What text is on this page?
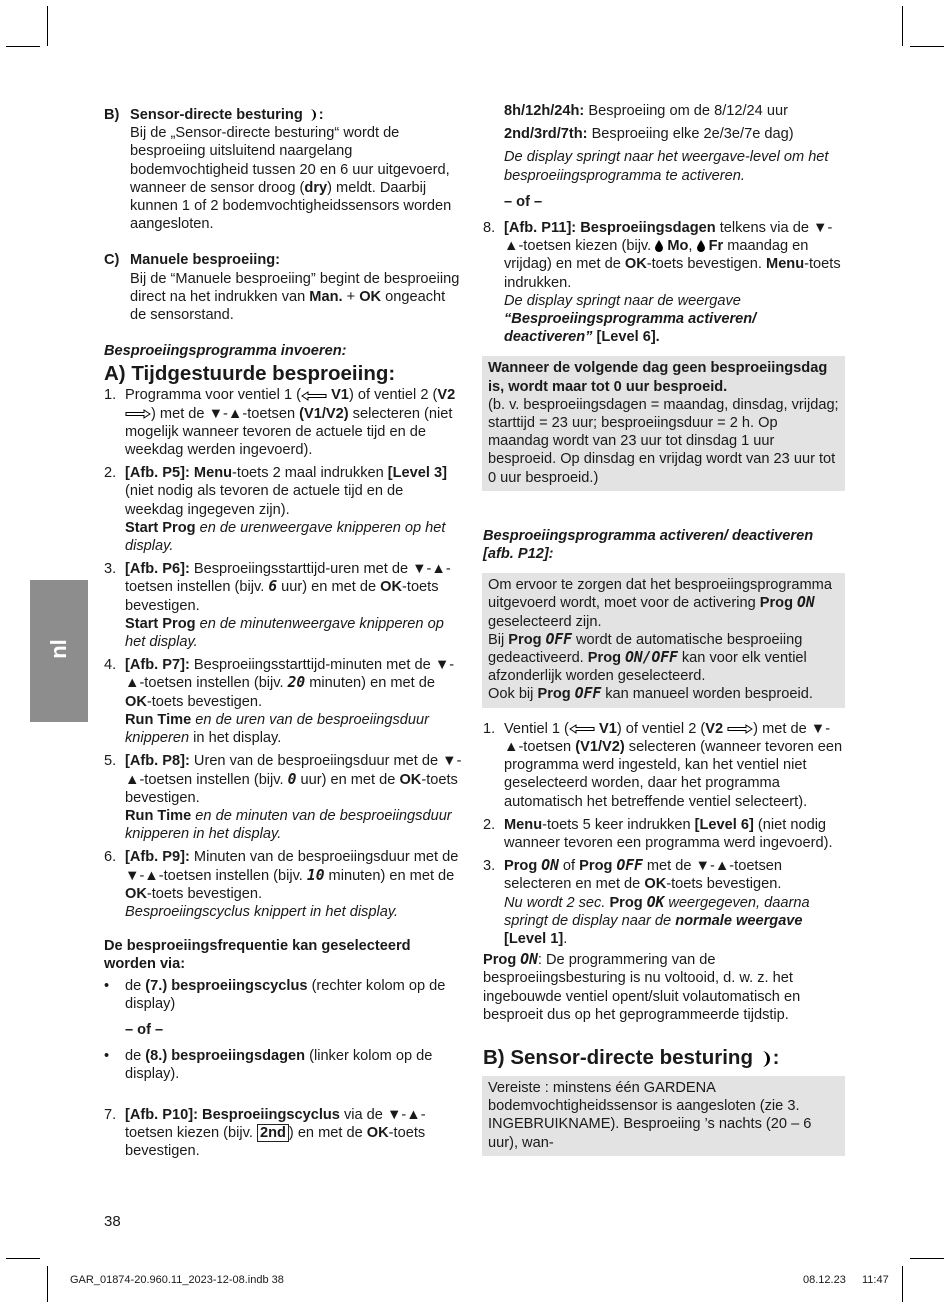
nl
B) Sensor-directe besturing :

Bij de „Sensor-directe besturing“ wordt de besproeiing uitsluitend naargelang bodemvochtigheid tussen 20 en 6 uur uitgevoerd, wanneer de sensor droog (dry) meldt. Daarbij kunnen 1 of 2 bodemvochtigheidssensors worden aangesloten.

C) Manuele besproeiing:

Bij de “Manuele besproeiing” begint de besproeiing direct na het indrukken van Man. + OK ongeacht de sensorstand.

Besproeiingsprogramma invoeren:

A) Tijdgestuurde besproeiing:

1. Programma voor ventiel 1 ( V1) of ventiel 2 (V2 ) met de ▼-▲-toetsen (V1/V2) selecteren (niet mogelijk wanneer tevoren de actuele tijd en de weekdag werden ingevoerd).
2. [Afb. P5]: Menu-toets 2 maal indrukken [Level 3] (niet nodig als tevoren de actuele tijd en de weekdag ingegeven zijn).
Start Prog en de urenweergave knipperen op het display.
3. [Afb. P6]: Besproeiingsstarttijd-uren met de ▼-▲-toetsen instellen (bijv. 6 uur) en met de OK-toets bevestigen.
Start Prog en de minutenweergave knipperen op het display.
4. [Afb. P7]: Besproeiingsstarttijd-minuten met de ▼-▲-toetsen instellen (bijv. 20 minuten) en met de OK-toets bevestigen.
Run Time en de uren van de besproeiingsduur knipperen in het display.
5. [Afb. P8]: Uren van de besproeiingsduur met de ▼-▲-toetsen instellen (bijv. 0 uur) en met de OK-toets bevestigen.
Run Time en de minuten van de besproeiingsduur knipperen in het display.
6. [Afb. P9]: Minuten van de besproeiingsduur met de ▼-▲-toetsen instellen (bijv. 10 minuten) en met de OK-toets bevestigen.
Besproeiingscyclus knippert in het display.

De besproeiingsfrequentie kan geselecteerd worden via:

•	de (7.) besproeiingscyclus (rechter kolom op de display)

– of –

•	de (8.) besproeiingsdagen (linker kolom op de display).
7. [Afb. P10]: Besproeiingscyclus via de ▼-▲-toetsen kiezen (bijv. 2nd ) en met de OK-toets bevestigen.

8h/12h/24h: Besproeiing om de 8/12/24 uur

2nd/3rd/7th: Besproeiing elke 2e/3e/7e dag)

De display springt naar het weergave-level om het besproeiingsprogramma te activeren.

– of –

8. [Afb. P11]: Besproeiingsdagen telkens via de ▼-▲-toetsen kiezen (bijv.  Mo,  Fr maandag en vrijdag) en met de OK-toets bevestigen. Menu-toets indrukken.
De display springt naar de weergave
“Besproeiingsprogramma activeren/ deactiveren” [Level 6].

Wanneer de volgende dag geen besproeiingsdag is, wordt maar tot 0 uur besproeid.

(b. v. besproeiingsdagen = maandag, dinsdag, vrijdag; starttijd = 23 uur; besproeiingsduur = 2 h. Op maandag wordt van 23 uur tot dinsdag 1 uur besproeid. Op dinsdag en vrijdag wordt van 23 uur tot 0 uur besproeid.)

Besproeiingsprogramma activeren/ deactiveren [afb. P12]:

Om ervoor te zorgen dat het besproeiingsprogramma uitgevoerd wordt, moet voor de activering Prog ON geselecteerd zijn.

Bij Prog OFF wordt de automatische besproeiing gedeactiveerd. Prog ON/OFF kan voor elk ventiel afzonderlijk worden geselecteerd.

Ook bij Prog OFF kan manueel worden besproeid.

1. Ventiel 1 ( V1) of ventiel 2 (V2 ) met de ▼-▲-toetsen (V1/V2) selecteren (wanneer tevoren een programma werd ingesteld, kan het ventiel niet geselecteerd worden, daar het programma automatisch het betreffende ventiel selecteert).
2. Menu-toets 5 keer indrukken [Level 6] (niet nodig wanneer tevoren een programma werd ingevoerd).
3. Prog ON of Prog OFF met de ▼-▲-toetsen selecteren en met de OK-toets bevestigen.
Nu wordt 2 sec. Prog OK weergegeven, daarna springt de display naar de normale weergave
[Level 1].

Prog ON: De programmering van de besproeiingsbesturing is nu voltooid, d. w. z. het ingebouwde ventiel opent/sluit volautomatisch en besproeit dus op het geprogrammeerde tijdstip.

B) Sensor-directe besturing :

Vereiste : minstens één GARDENA bodemvochtigheidssensor is aangesloten (zie 3. INGEBRUIKNAME). Besproeiing ’s nachts (20 – 6 uur), wan-

38
GAR_01874-20.960.11_2023-12-08.indb 38	08.12.23 11:47
